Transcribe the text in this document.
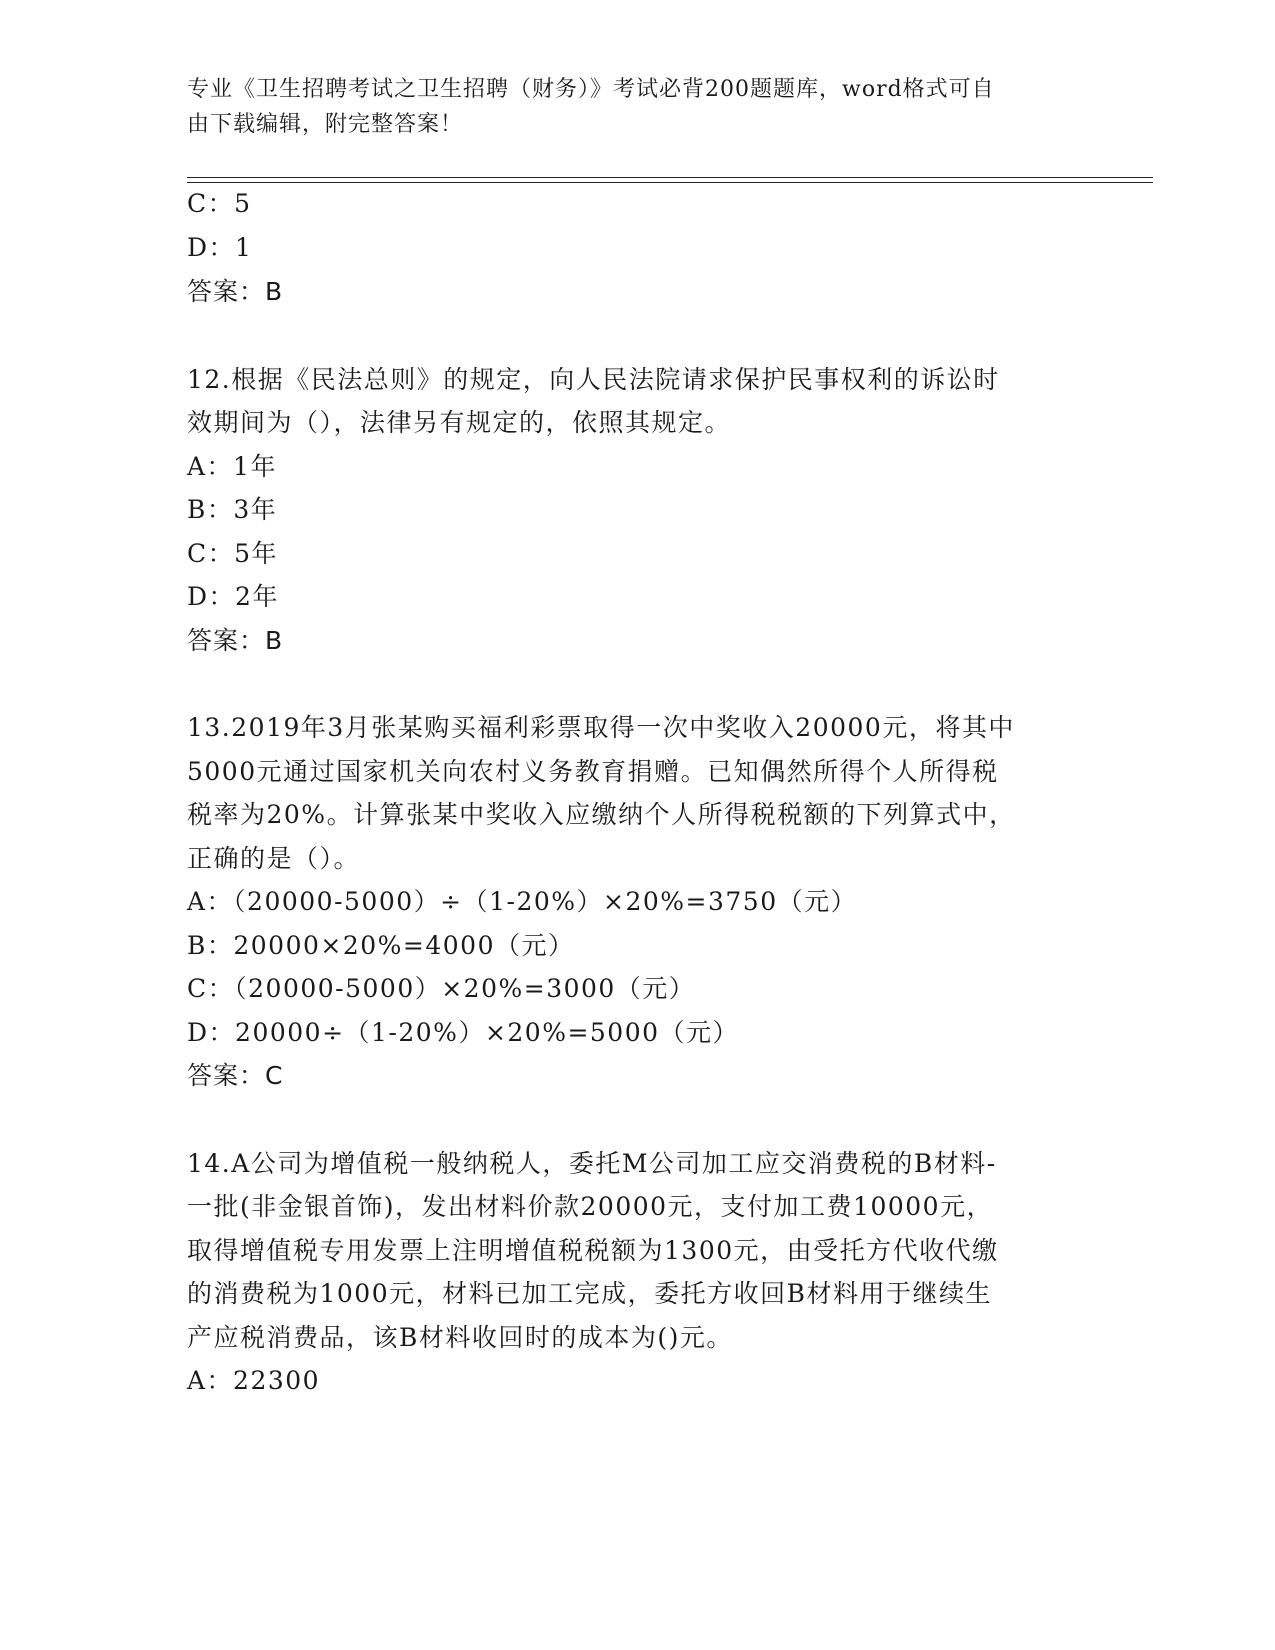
专业《卫生招聘考试之卫生招聘（财务）》考试必背200题题库，word格式可自
由下载编辑，附完整答案！
C：5
D：1
答案：B
12.根据《民法总则》的规定，向人民法院请求保护民事权利的诉讼时
效期间为（），法律另有规定的，依照其规定。
A：1年
B：3年
C：5年
D：2年
答案：B
13.2019年3月张某购买福利彩票取得一次中奖收入20000元，将其中
5000元通过国家机关向农村义务教育捐赠。已知偶然所得个人所得税
税率为20%。计算张某中奖收入应缴纳个人所得税税额的下列算式中，
正确的是（）。
A：（20000-5000）÷（1-20%）×20%=3750（元）
B：20000×20%=4000（元）
C：（20000-5000）×20%=3000（元）
D：20000÷（1-20%）×20%=5000（元）
答案：C
14.A公司为增值税一般纳税人，委托M公司加工应交消费税的B材料-
一批(非金银首饰)，发出材料价款20000元，支付加工费10000元，
取得增值税专用发票上注明增值税税额为1300元，由受托方代收代缴
的消费税为1000元，材料已加工完成，委托方收回B材料用于继续生
产应税消费品，该B材料收回时的成本为()元。
A：22300
